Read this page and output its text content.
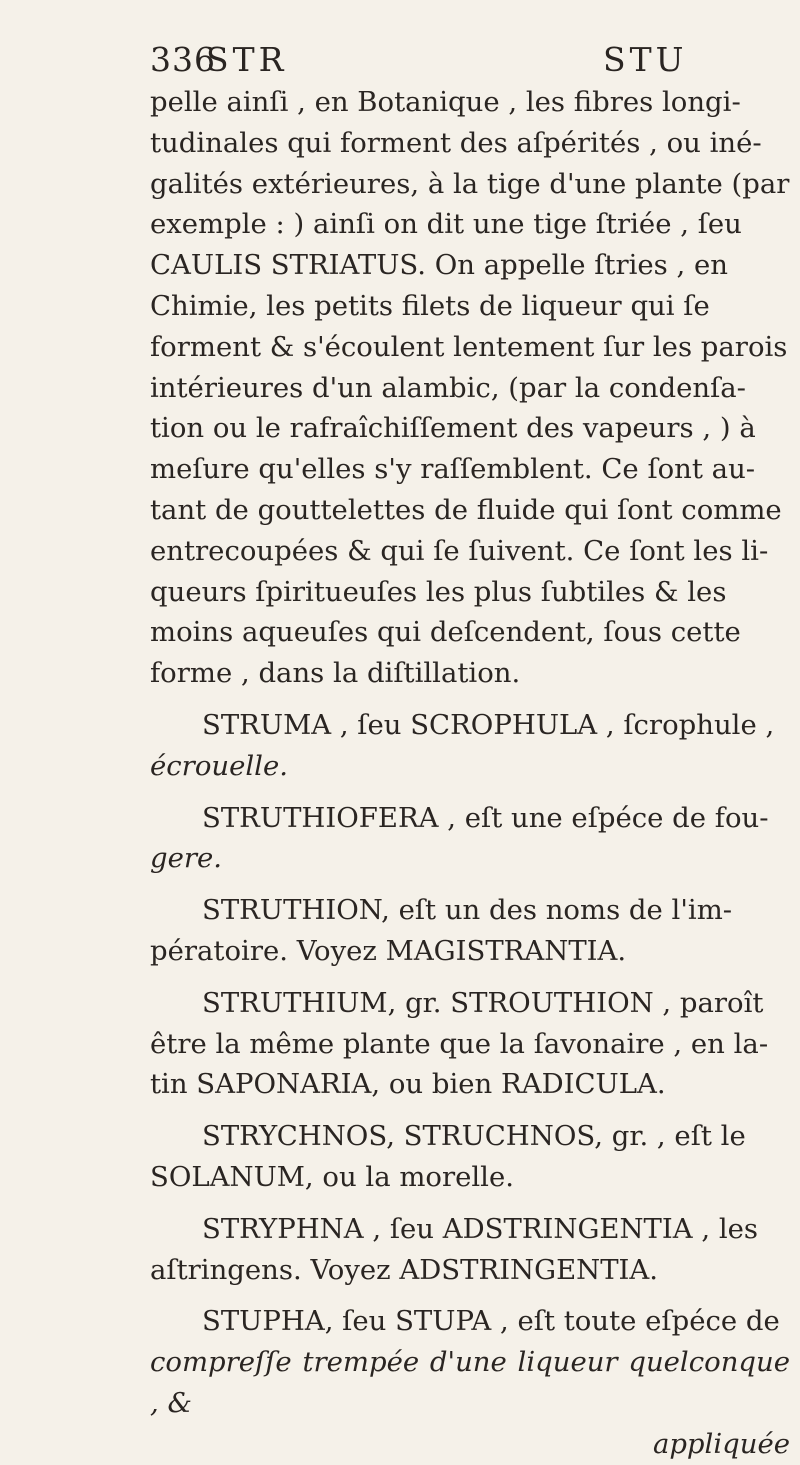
336
STR	STU

pelle ainſi , en Botanique , les fibres longi-
tudinales qui forment des aſpérités , ou iné-
galités extérieures, à la tige d'une plante (par
exemple : ) ainſi on dit une tige ſtriée , ſeu
CAULIS STRIATUS. On appelle ſtries , en
Chimie, les petits filets de liqueur qui ſe
forment & s'écoulent lentement ſur les parois
intérieures d'un alambic, (par la condenſa-
tion ou le rafraîchiſſement des vapeurs , ) à
meſure qu'elles s'y raſſemblent. Ce ſont au-
tant de gouttelettes de fluide qui ſont comme
entrecoupées & qui ſe ſuivent. Ce ſont les li-
queurs ſpiritueuſes les plus ſubtiles & les
moins aqueuſes qui deſcendent, ſous cette
forme , dans la diſtillation.

STRUMA , ſeu SCROPHULA , ſcrophule ,
écrouelle.

STRUTHIOFERA , eſt une eſpéce de fou-
gere.

STRUTHION, eſt un des noms de l'im-
pératoire. Voyez MAGISTRANTIA.

STRUTHIUM, gr. STROUTHION , paroît
être la même plante que la ſavonaire , en la-
tin SAPONARIA, ou bien RADICULA.

STRYCHNOS, STRUCHNOS, gr. , eſt le
SOLANUM, ou la morelle.

STRYPHNA , ſeu ADSTRINGENTIA , les
aſtringens. Voyez ADSTRINGENTIA.

STUPHA, ſeu STUPA , eſt toute eſpéce de
compreſſe trempée d'une liqueur quelconque , &

appliquée
